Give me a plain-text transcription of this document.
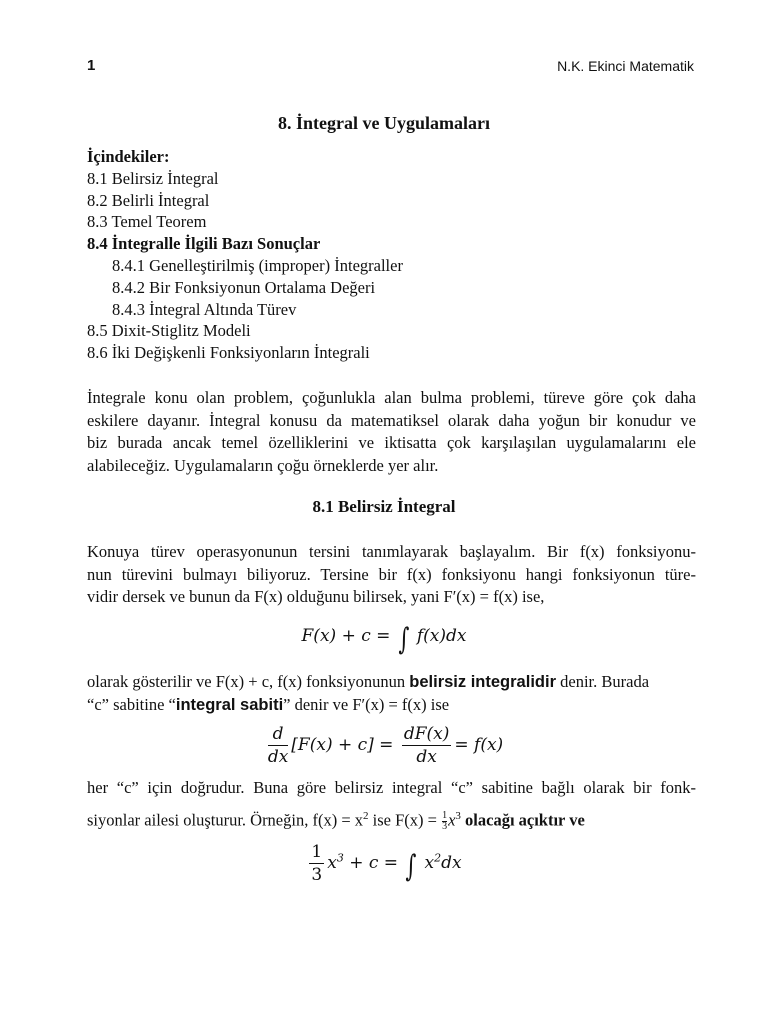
1	N.K. Ekinci Matematik
8. İntegral ve Uygulamaları
İçindekiler:
8.1 Belirsiz İntegral
8.2 Belirli İntegral
8.3 Temel Teorem
8.4 İntegralle İlgili Bazı Sonuçlar
8.4.1 Genelleştirilmiş (improper) İntegraller
8.4.2 Bir Fonksiyonun Ortalama Değeri
8.4.3 İntegral Altında Türev
8.5 Dixit-Stiglitz Modeli
8.6 İki Değişkenli Fonksiyonların İntegrali
İntegrale konu olan problem, çoğunlukla alan bulma problemi, türeve göre çok daha
eskilere dayanır. İntegral konusu da matematiksel olarak daha yoğun bir konudur ve
biz burada ancak temel özelliklerini ve iktisatta çok karşılaşılan uygulamalarını ele
alabileceğiz. Uygulamaların çoğu örneklerde yer alır.
8.1 Belirsiz İntegral
Konuya türev operasyonunun tersini tanımlayarak başlayalım. Bir f(x) fonksiyonu-
nun türevini bulmayı biliyoruz. Tersine bir f(x) fonksiyonu hangi fonksiyonun türe-
vidir dersek ve bunun da F(x) olduğunu bilirsek, yani F′(x) = f(x) ise,
F(x) + c = ∫ f(x)dx
olarak gösterilir ve F(x) + c, f(x) fonksiyonunun belirsiz integralidir denir. Burada
“c” sabitine “integral sabiti” denir ve F′(x) = f(x) ise
$\frac{d}{dx} [F(x) + c] = \frac{dF(x)}{dx} = f(x)$
her “c” için doğrudur. Buna göre belirsiz integral “c” sabitine bağlı olarak bir fonk-
siyonlar ailesi oluşturur. Örneğin, $f(x) = x^2$ ise $F(x) = \frac{1}{3}x^3$ olacağı açıktır ve
$\frac{1}{3} x^3 + c$ = ∫ $x^2dx$
